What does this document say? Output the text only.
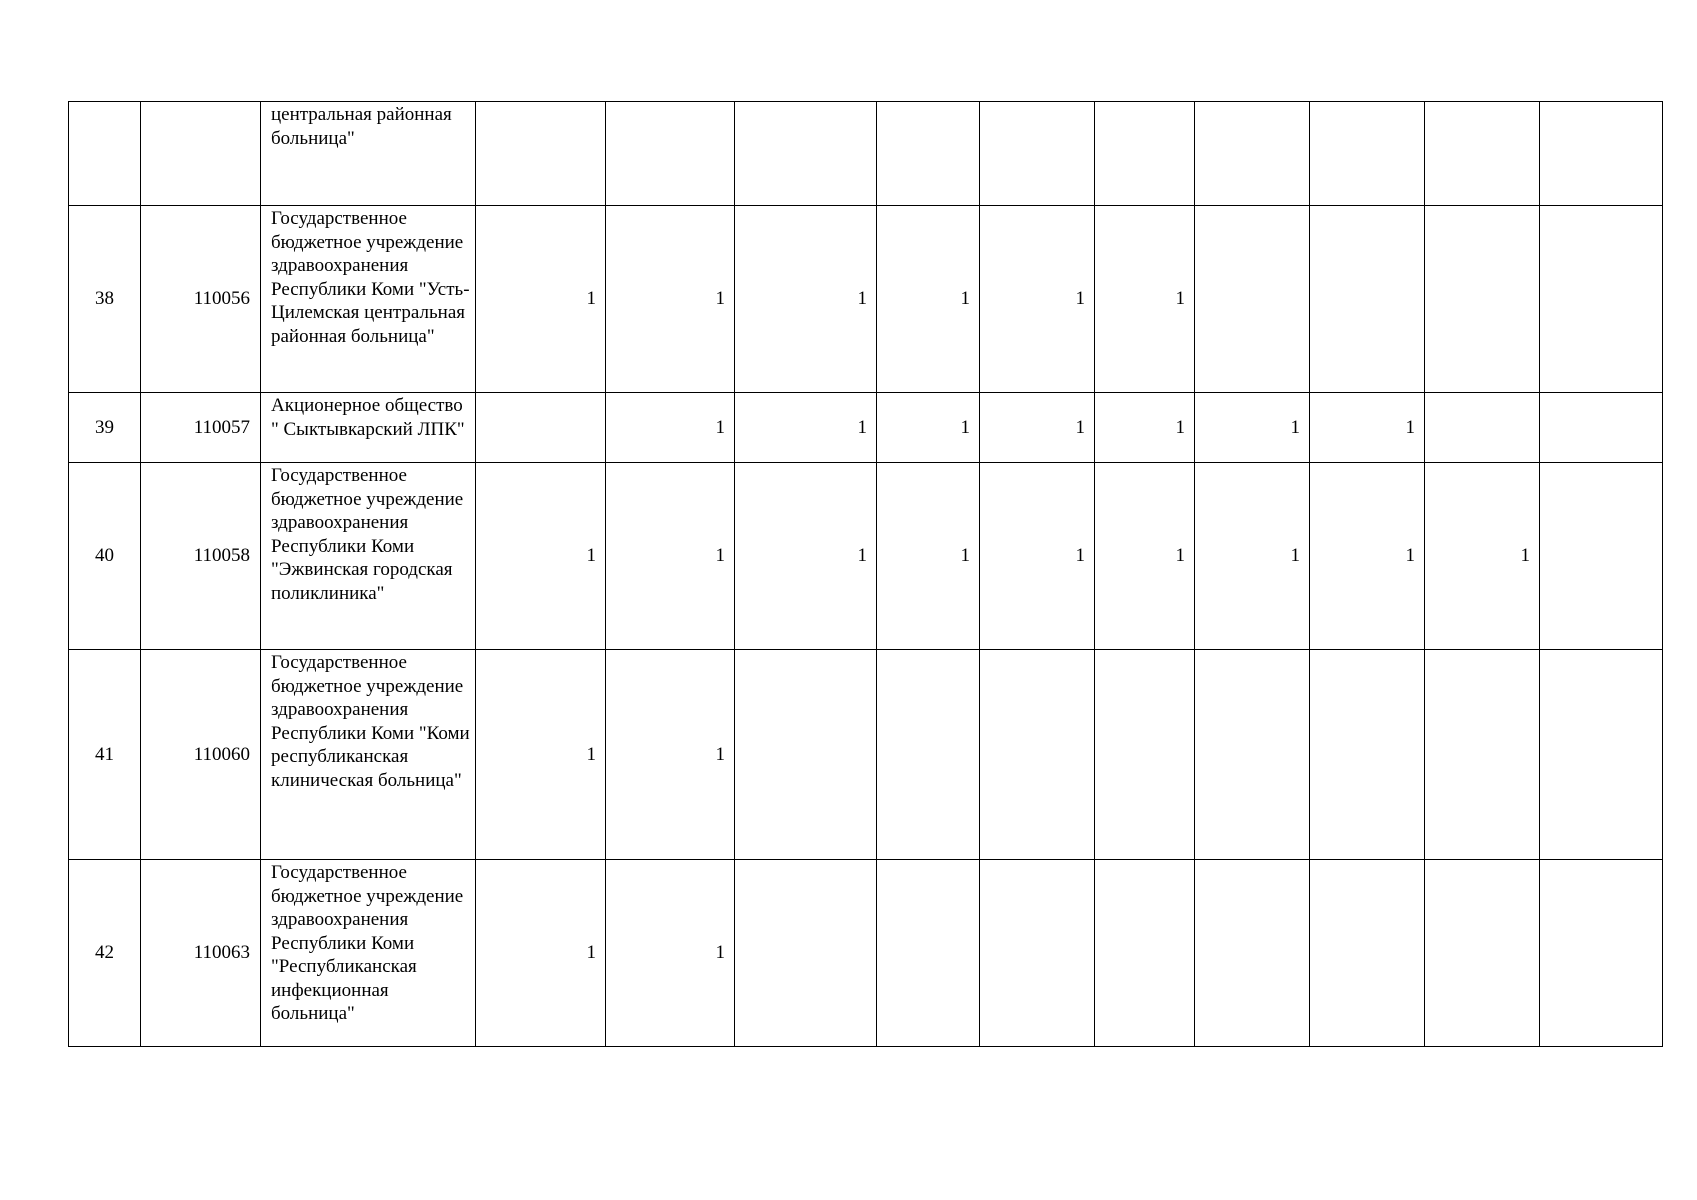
		центральная районная больница"										
38	110056	Государственное бюджетное учреждение здравоохранения Республики Коми "Усть-Цилемская центральная районная больница"	1	1	1	1	1	1				
39	110057	Акционерное общество " Сыктывкарский ЛПК"		1	1	1	1	1	1	1		
40	110058	Государственное бюджетное учреждение здравоохранения Республики Коми "Эжвинская городская поликлиника"	1	1	1	1	1	1	1	1	1	
41	110060	Государственное бюджетное учреждение здравоохранения Республики Коми "Коми республиканская клиническая больница"	1	1								
42	110063	Государственное бюджетное учреждение здравоохранения Республики Коми "Республиканская инфекционная больница"	1	1								
